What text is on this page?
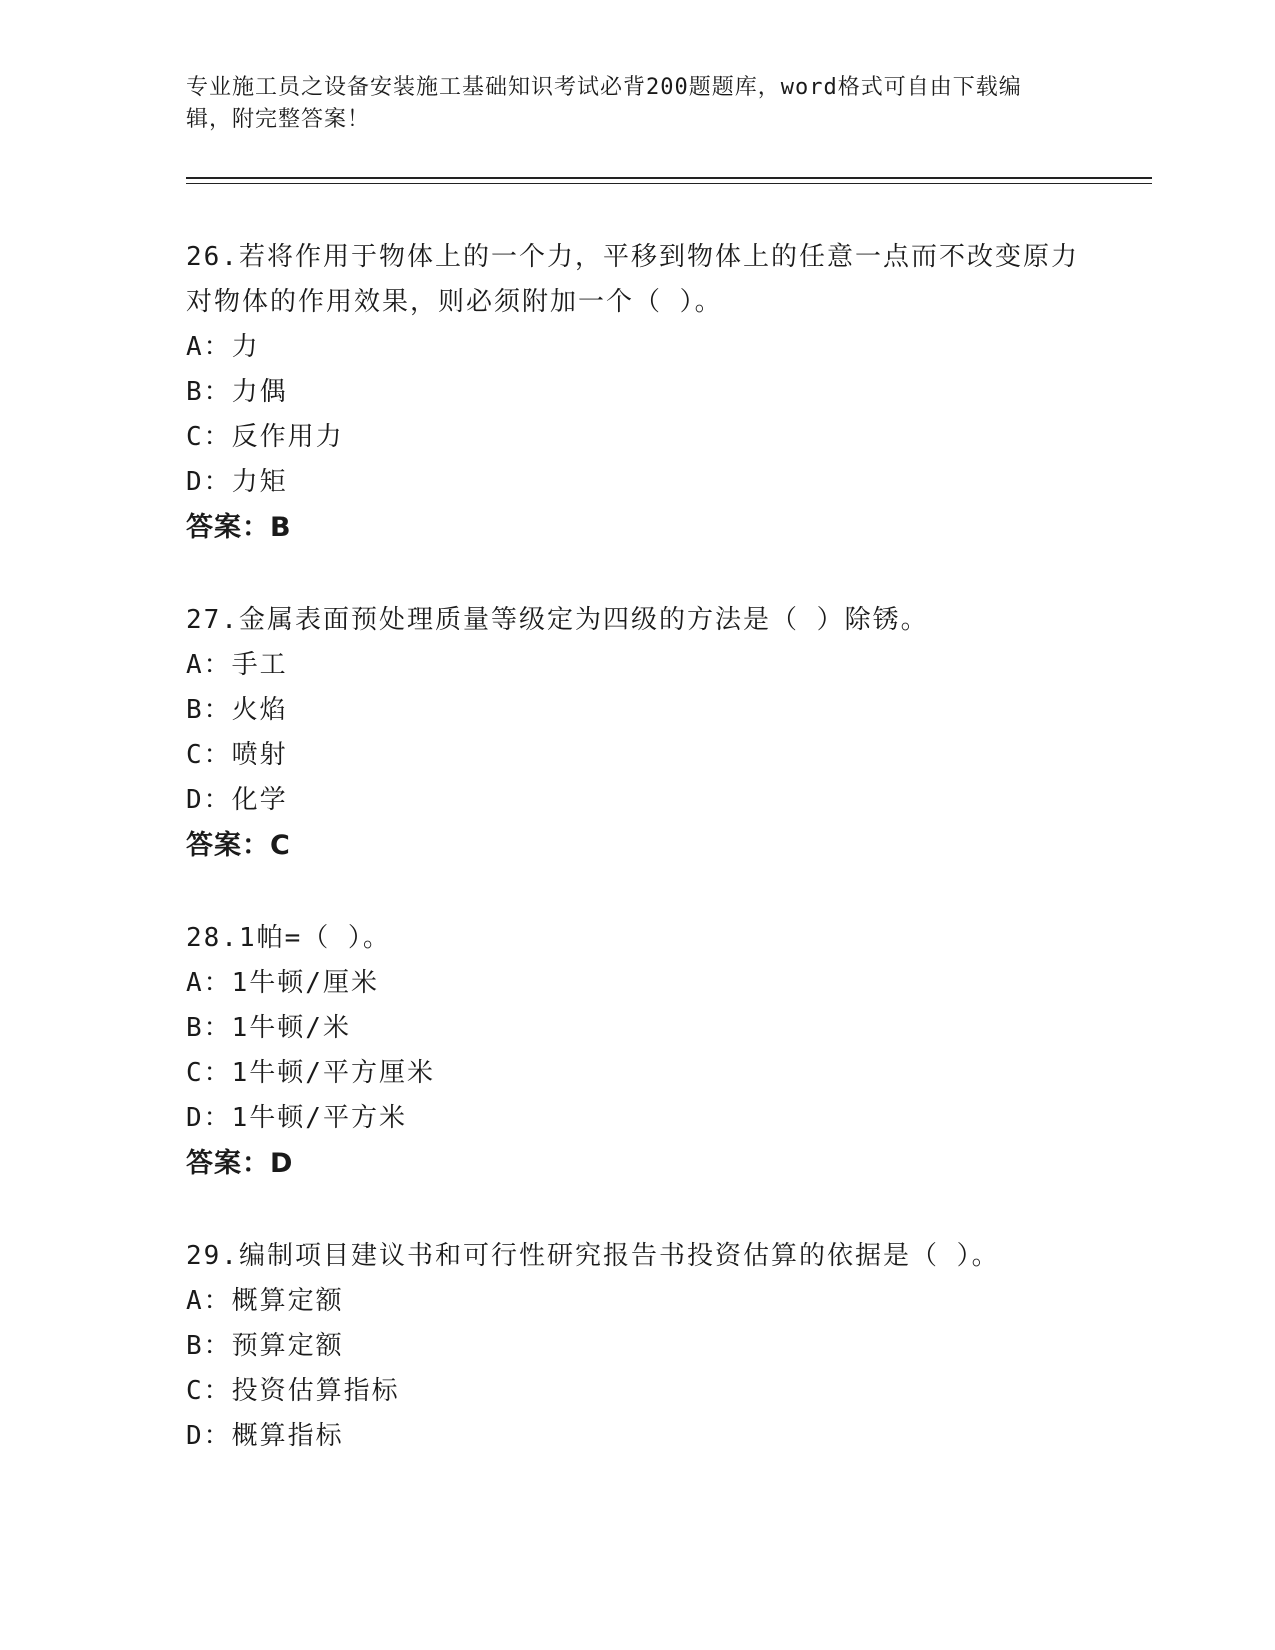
专业施工员之设备安装施工基础知识考试必背200题题库，word格式可自由下载编辑，附完整答案！
26.若将作用于物体上的一个力，平移到物体上的任意一点而不改变原力对物体的作用效果，则必须附加一个（ ）。
A：力
B：力偶
C：反作用力
D：力矩
答案：B
27.金属表面预处理质量等级定为四级的方法是（ ）除锈。
A：手工
B：火焰
C：喷射
D：化学
答案：C
28.1帕=（ ）。
A：1牛顿/厘米
B：1牛顿/米
C：1牛顿/平方厘米
D：1牛顿/平方米
答案：D
29.编制项目建议书和可行性研究报告书投资估算的依据是（ ）。
A：概算定额
B：预算定额
C：投资估算指标
D：概算指标
